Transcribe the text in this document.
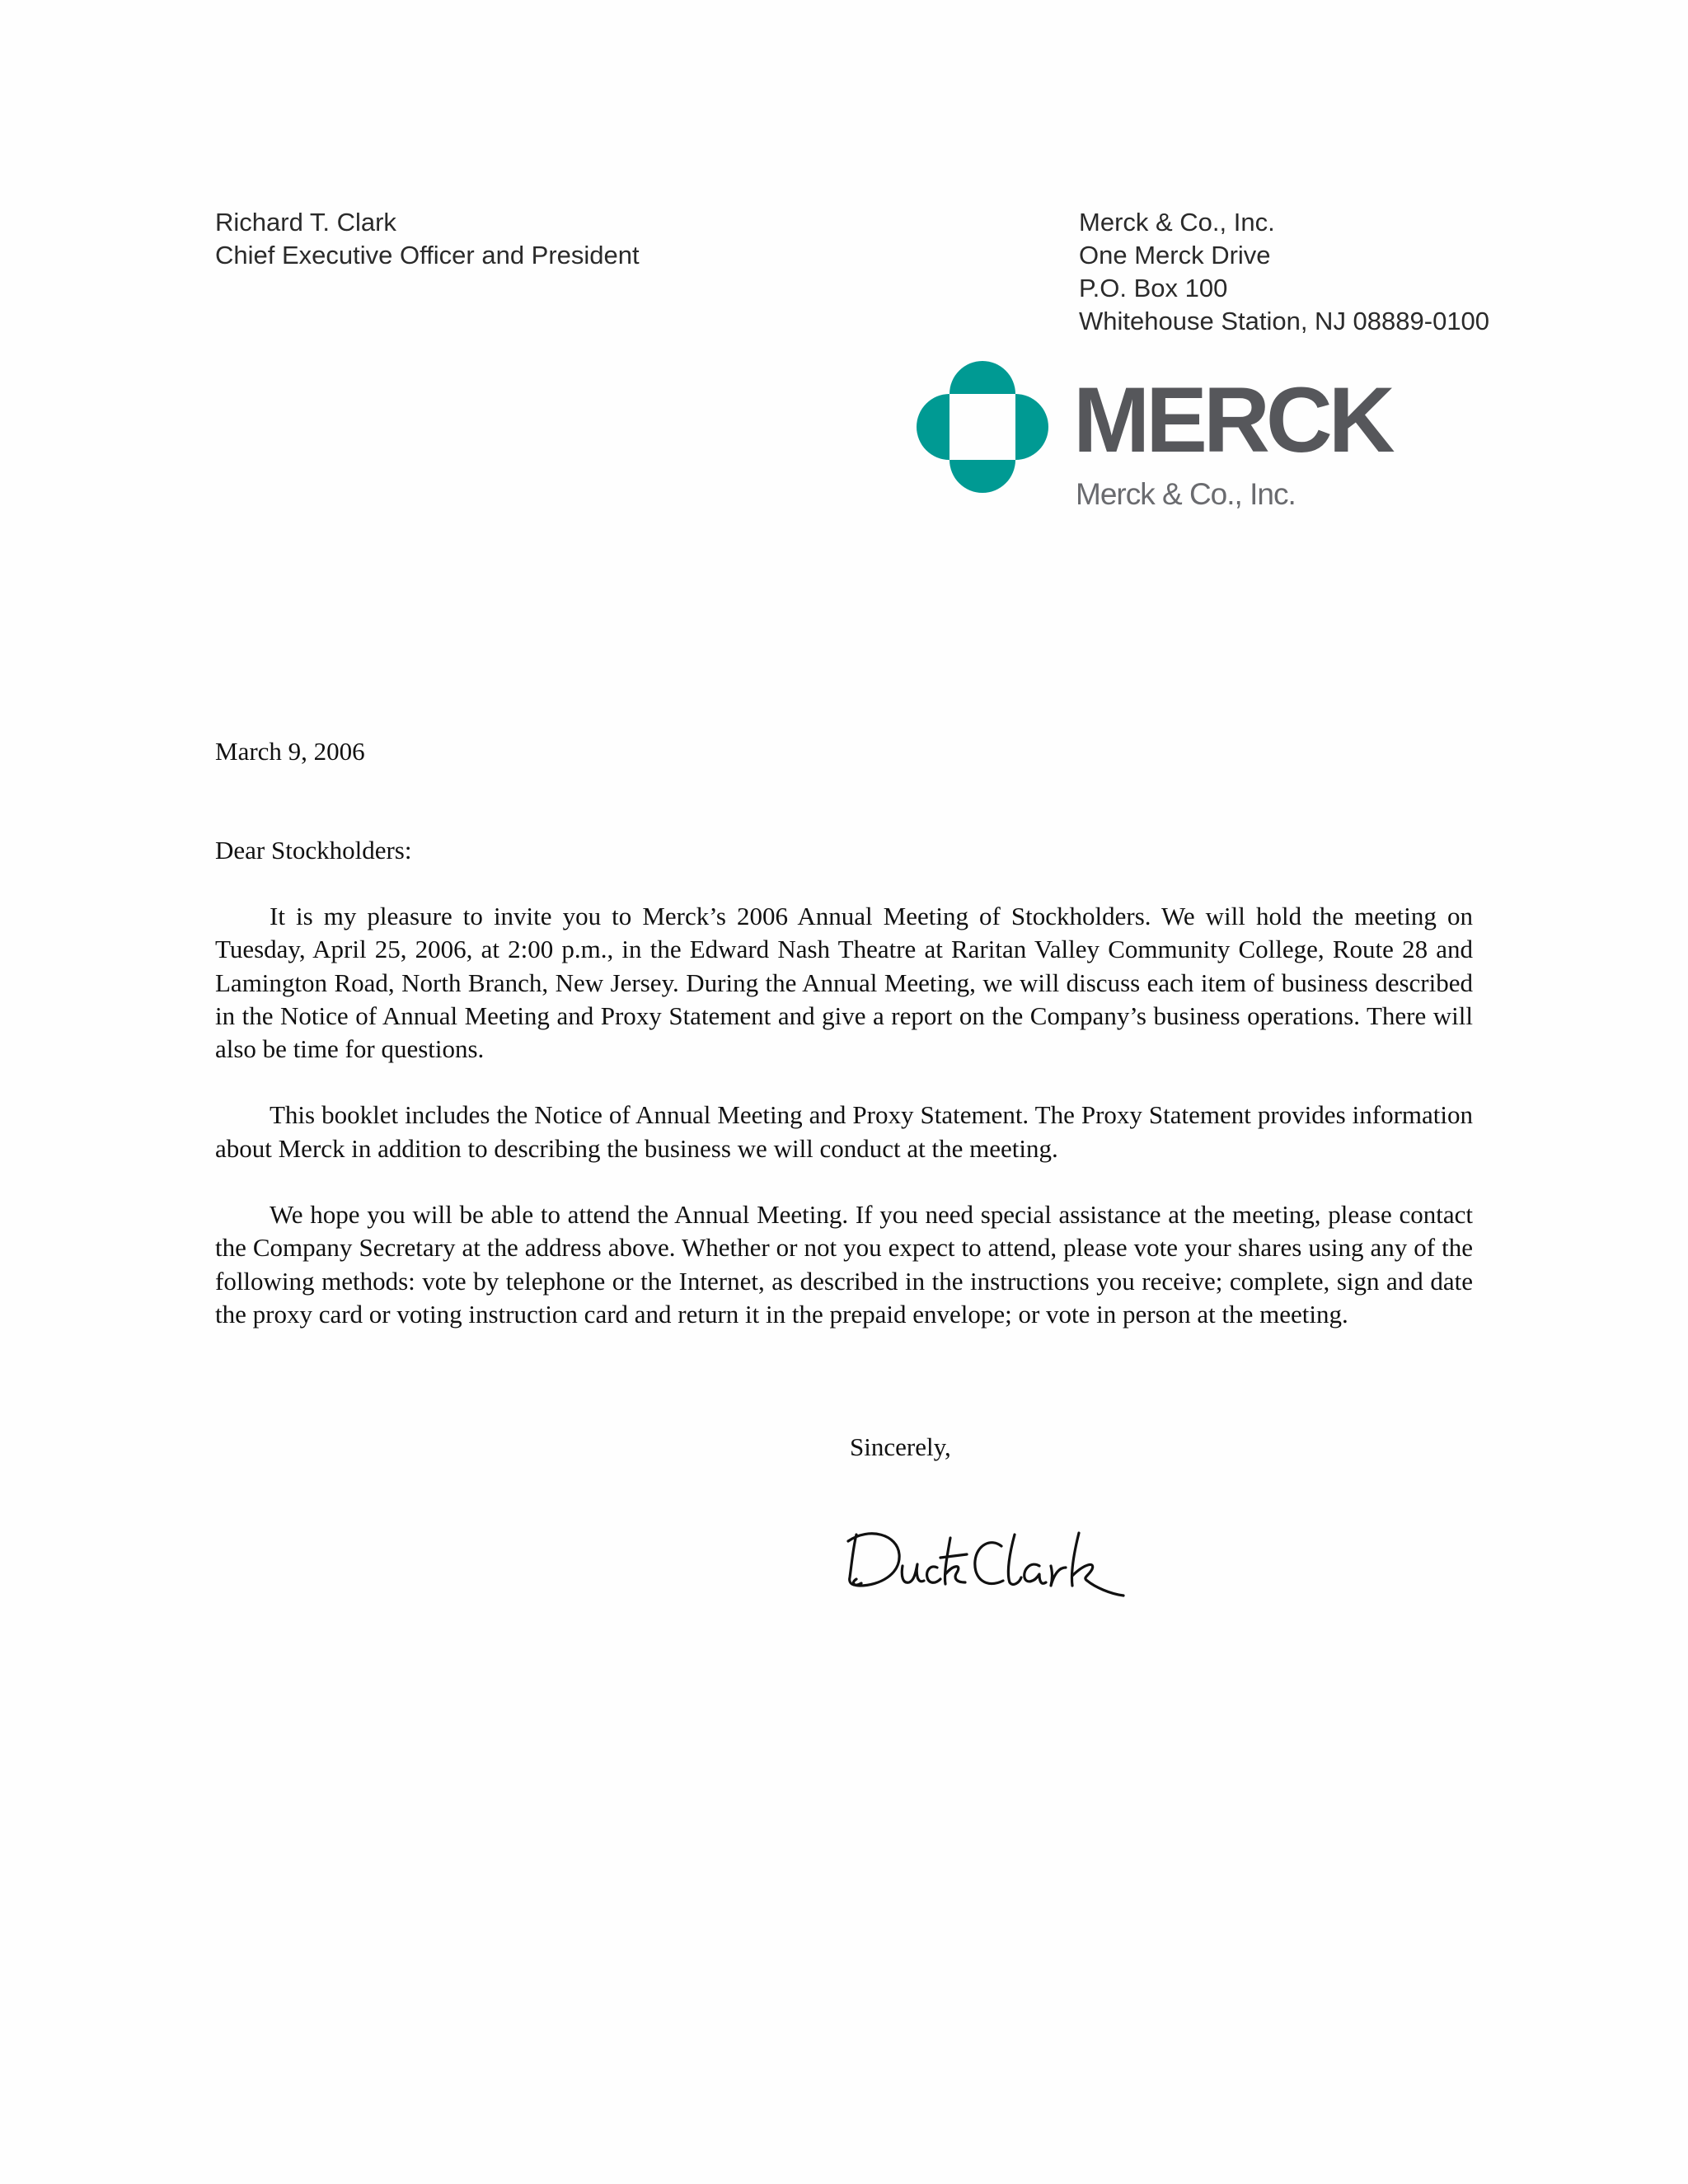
Richard T. Clark
Chief Executive Officer and President
Merck & Co., Inc.
One Merck Drive
P.O. Box 100
Whitehouse Station, NJ 08889-0100
MERCK
Merck & Co., Inc.
March 9, 2006
Dear Stockholders:

It is my pleasure to invite you to Merck’s 2006 Annual Meeting of Stockholders. We will hold the meeting on Tuesday, April 25, 2006, at 2:00 p.m., in the Edward Nash Theatre at Raritan Valley Community College, Route 28 and Lamington Road, North Branch, New Jersey. During the Annual Meeting, we will discuss each item of business described in the Notice of Annual Meeting and Proxy Statement and give a report on the Company’s business operations. There will also be time for questions.

This booklet includes the Notice of Annual Meeting and Proxy Statement. The Proxy Statement provides information about Merck in addition to describing the business we will conduct at the meeting.

We hope you will be able to attend the Annual Meeting. If you need special assistance at the meeting, please contact the Company Secretary at the address above. Whether or not you expect to attend, please vote your shares using any of the following methods: vote by telephone or the Internet, as described in the instructions you receive; complete, sign and date the proxy card or voting instruction card and return it in the prepaid envelope; or vote in person at the meeting.

Sincerely,
